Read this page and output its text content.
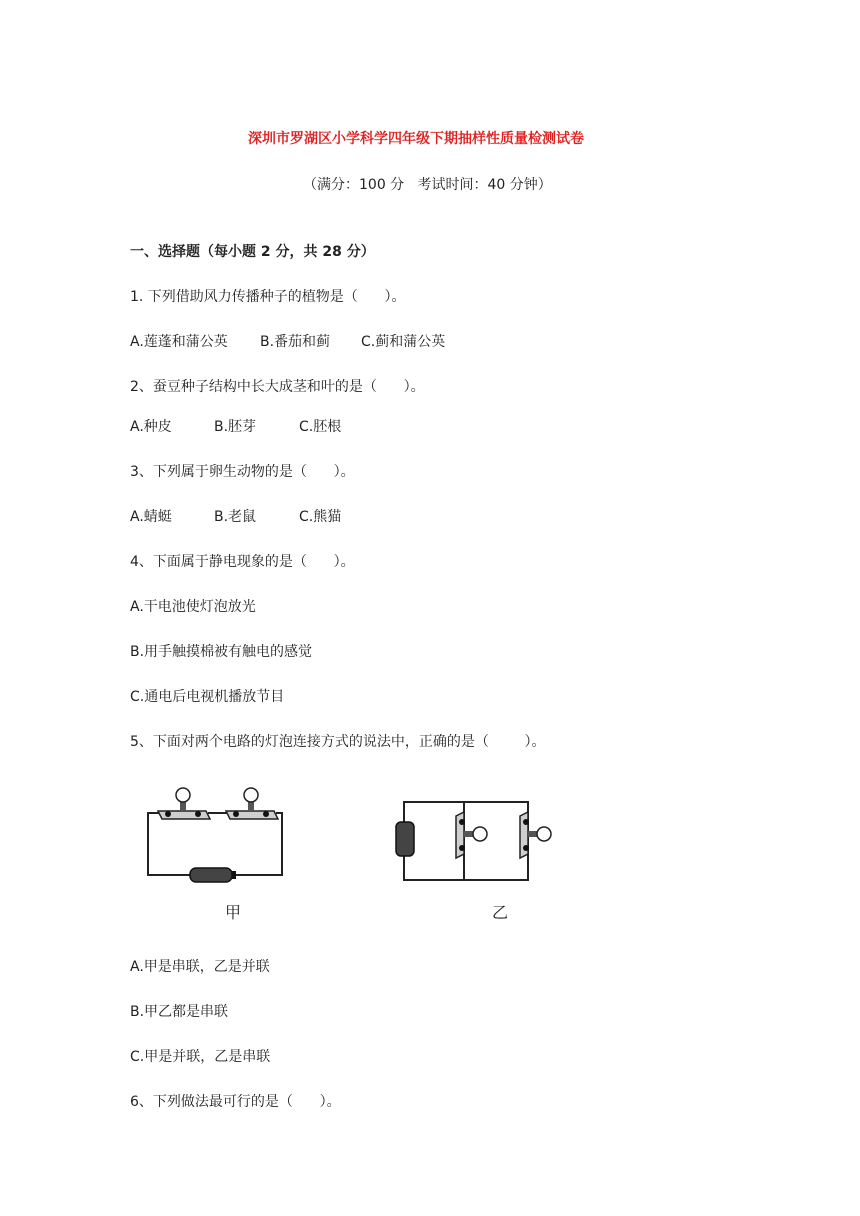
深圳市罗湖区小学科学四年级下期抽样性质量检测试卷
（满分：100 分   考试时间：40 分钟）
一、选择题（每小题 2 分，共 28 分）
1. 下列借助风力传播种子的植物是（      ）。
A.莲蓬和蒲公英 B.番茄和蓟 C.蓟和蒲公英
2、蚕豆种子结构中长大成茎和叶的是（      ）。
A.种皮	B.胚芽	C.胚根
3、下列属于卵生动物的是（      ）。
A.蜻蜓	B.老鼠	C.熊猫
4、下面属于静电现象的是（      ）。
A.干电池使灯泡放光
B.用手触摸棉被有触电的感觉
C.通电后电视机播放节目
5、下面对两个电路的灯泡连接方式的说法中，正确的是（        ）。
甲	乙
A.甲是串联，乙是并联
B.甲乙都是串联
C.甲是并联，乙是串联
6、下列做法最可行的是（      ）。
